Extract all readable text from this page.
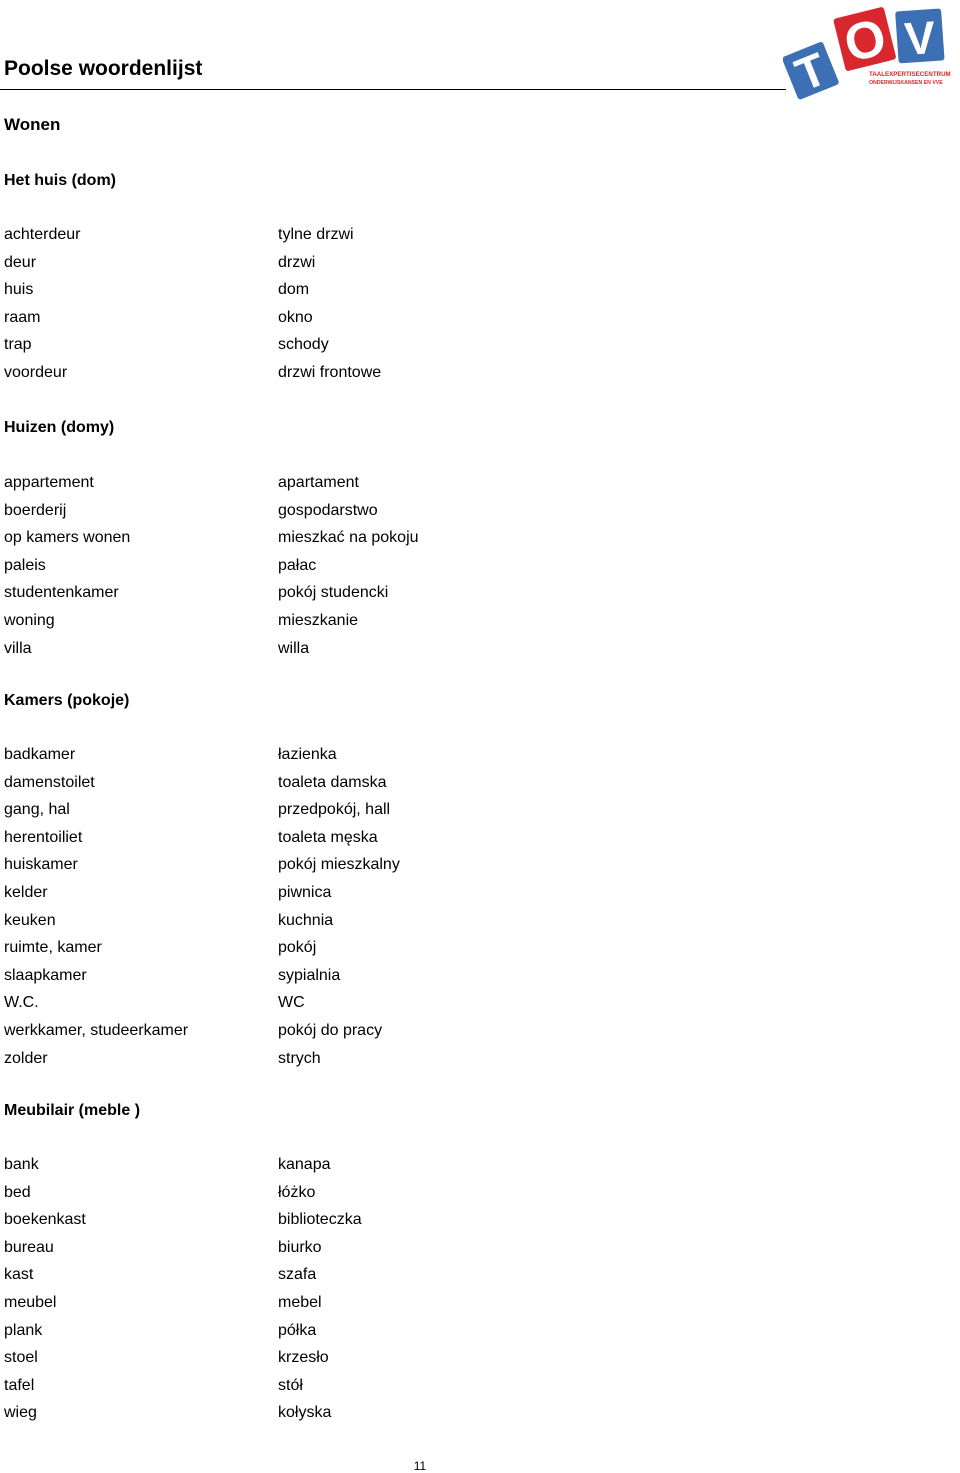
Poolse woordenlijst	T O V
TAALEXPERTISECENTRUM
ONDERWIJSKANSEN EN VVE
Wonen
Het huis (dom)
achterdeur	tylne drzwi
deur	drzwi
huis	dom
raam	okno
trap	schody
voordeur	drzwi frontowe
Huizen (domy)
appartement	apartament
boerderij	gospodarstwo
op kamers wonen	mieszkać na pokoju
paleis	pałac
studentenkamer	pokój studencki
woning	mieszkanie
villa	willa
Kamers (pokoje)
badkamer	łazienka
damenstoilet	toaleta damska
gang, hal	przedpokój, hall
herentoiliet	toaleta męska
huiskamer	pokój mieszkalny
kelder	piwnica
keuken	kuchnia
ruimte, kamer	pokój
slaapkamer	sypialnia
W.C.	WC
werkkamer, studeerkamer	pokój do pracy
zolder	strych
Meubilair (meble )
bank	kanapa
bed	łóżko
boekenkast	biblioteczka
bureau	biurko
kast	szafa
meubel	mebel
plank	półka
stoel	krzesło
tafel	stół
wieg	kołyska
11
